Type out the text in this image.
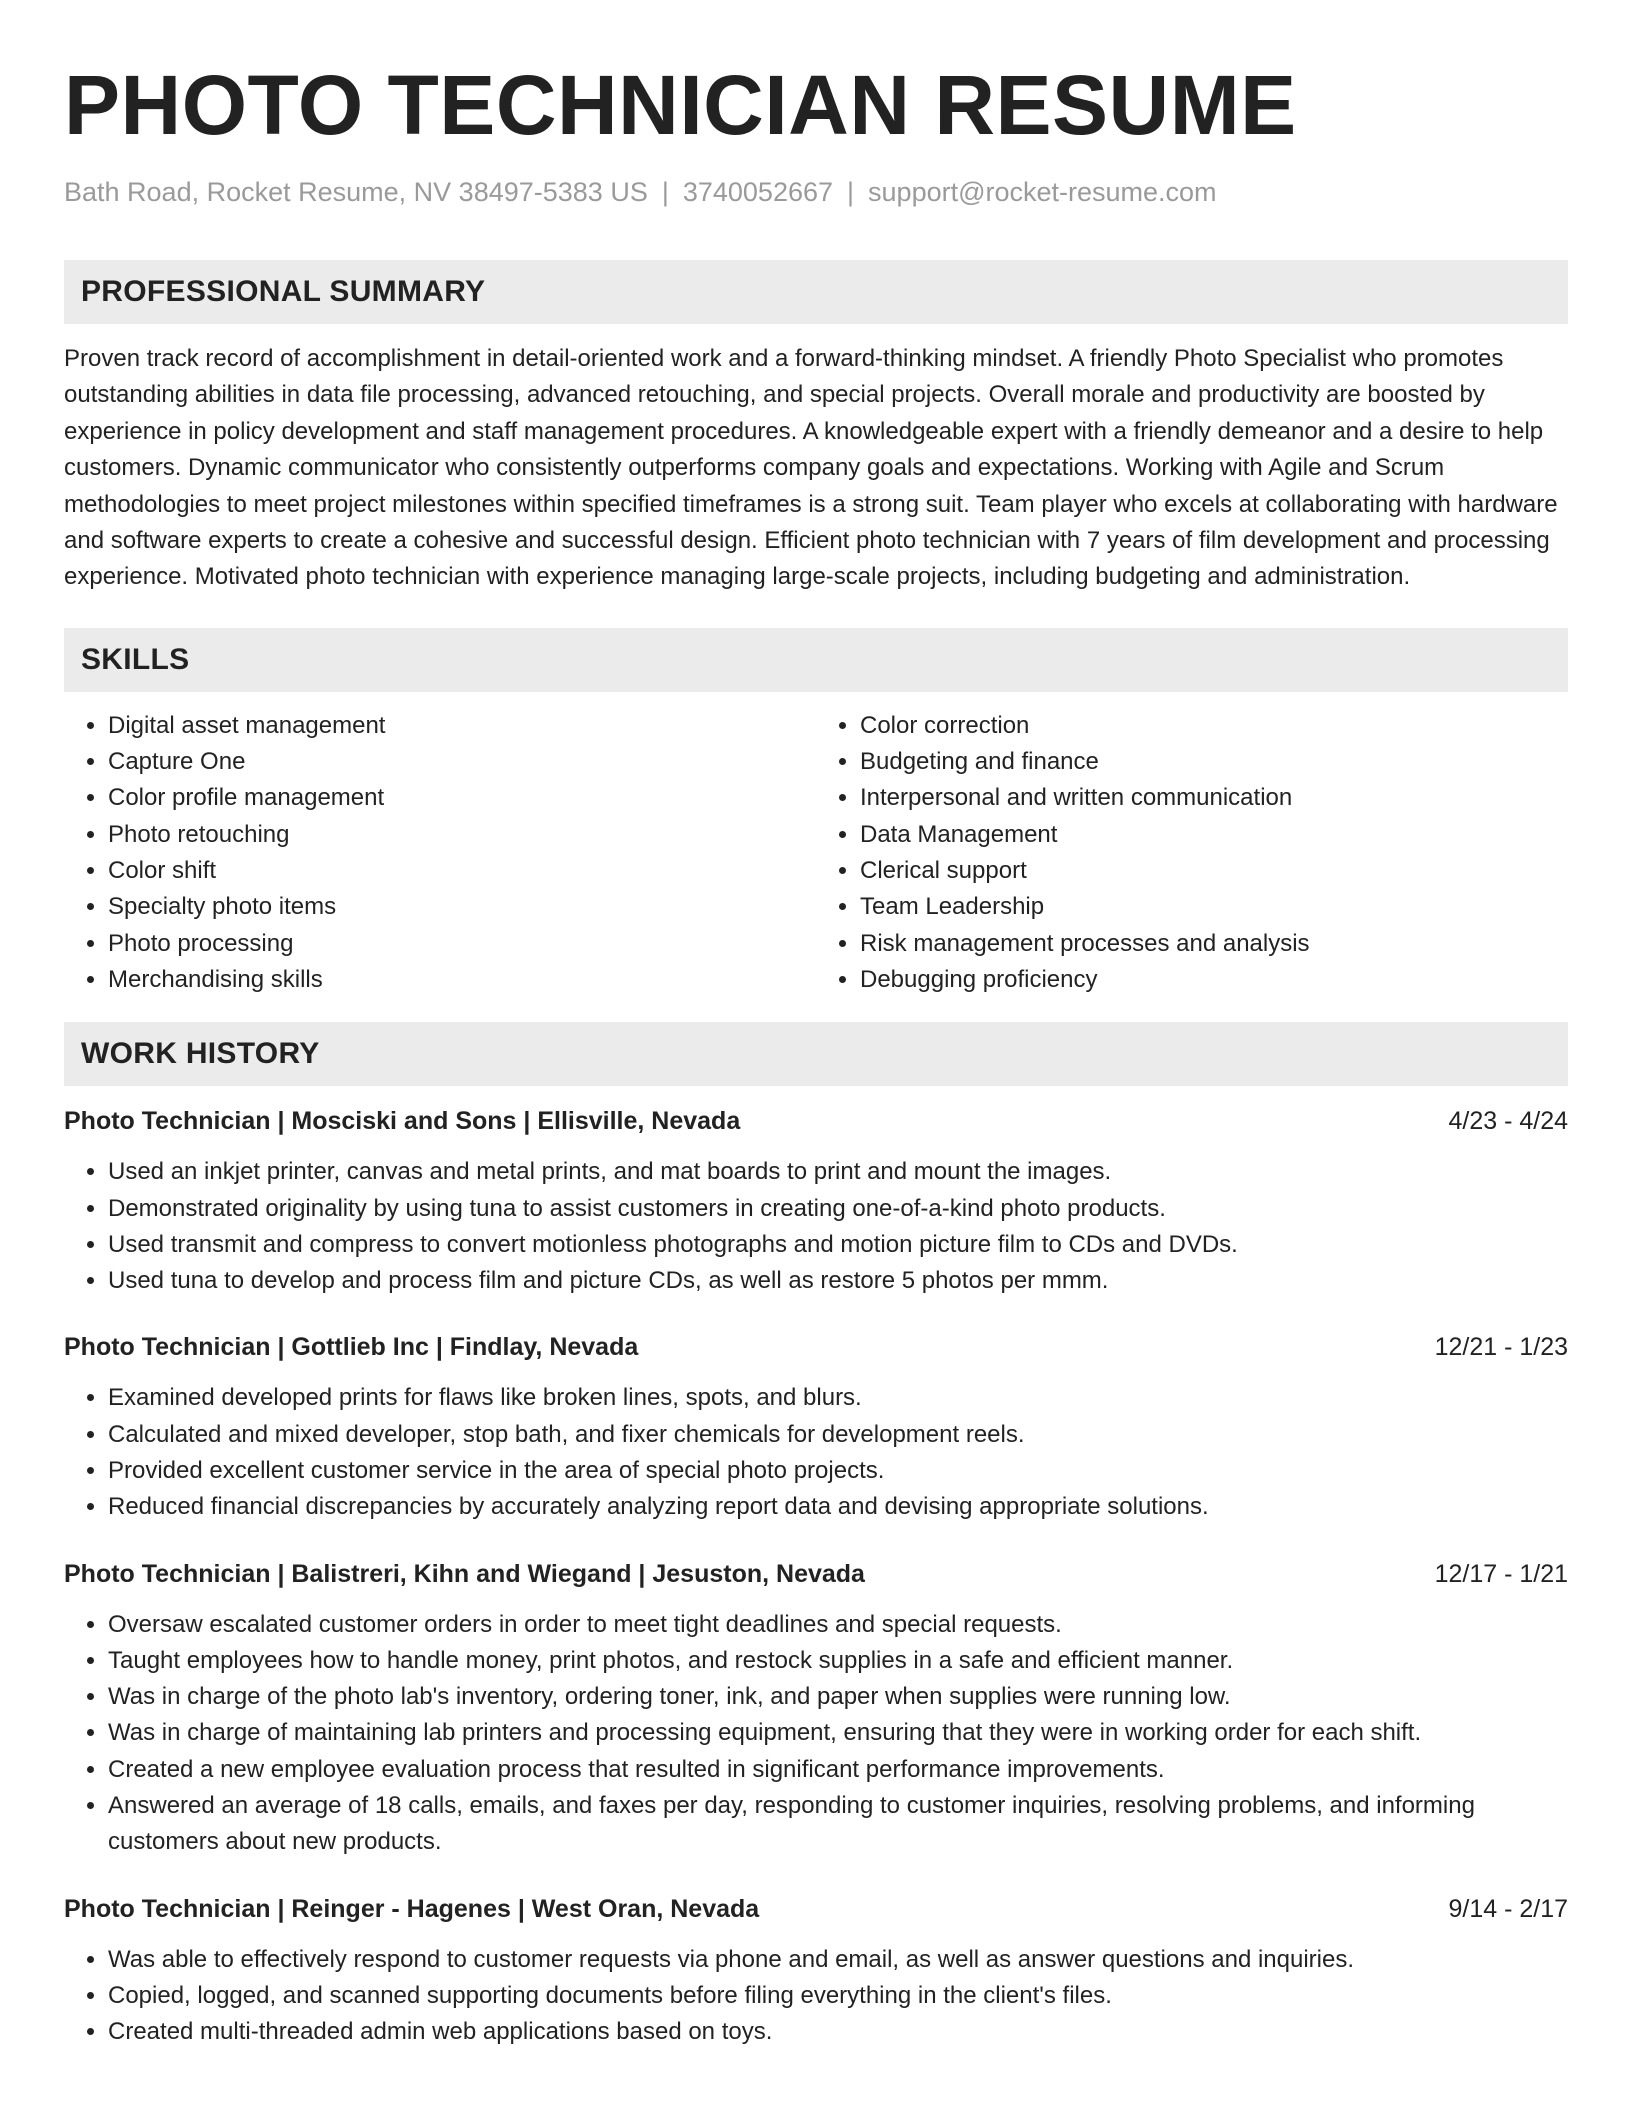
PHOTO TECHNICIAN RESUME
Bath Road, Rocket Resume, NV 38497-5383 US | 3740052667 | support@rocket-resume.com
PROFESSIONAL SUMMARY
Proven track record of accomplishment in detail-oriented work and a forward-thinking mindset. A friendly Photo Specialist who promotes outstanding abilities in data file processing, advanced retouching, and special projects. Overall morale and productivity are boosted by experience in policy development and staff management procedures. A knowledgeable expert with a friendly demeanor and a desire to help customers. Dynamic communicator who consistently outperforms company goals and expectations. Working with Agile and Scrum methodologies to meet project milestones within specified timeframes is a strong suit. Team player who excels at collaborating with hardware and software experts to create a cohesive and successful design. Efficient photo technician with 7 years of film development and processing experience. Motivated photo technician with experience managing large-scale projects, including budgeting and administration.
SKILLS
• Digital asset management
• Capture One
• Color profile management
• Photo retouching
• Color shift
• Specialty photo items
• Photo processing
• Merchandising skills
• Color correction
• Budgeting and finance
• Interpersonal and written communication
• Data Management
• Clerical support
• Team Leadership
• Risk management processes and analysis
• Debugging proficiency
WORK HISTORY
Photo Technician | Mosciski and Sons | Ellisville, Nevada	4/23 - 4/24
• Used an inkjet printer, canvas and metal prints, and mat boards to print and mount the images.
• Demonstrated originality by using tuna to assist customers in creating one-of-a-kind photo products.
• Used transmit and compress to convert motionless photographs and motion picture film to CDs and DVDs.
• Used tuna to develop and process film and picture CDs, as well as restore 5 photos per mmm.
Photo Technician | Gottlieb Inc | Findlay, Nevada	12/21 - 1/23
• Examined developed prints for flaws like broken lines, spots, and blurs.
• Calculated and mixed developer, stop bath, and fixer chemicals for development reels.
• Provided excellent customer service in the area of special photo projects.
• Reduced financial discrepancies by accurately analyzing report data and devising appropriate solutions.
Photo Technician | Balistreri, Kihn and Wiegand | Jesuston, Nevada	12/17 - 1/21
• Oversaw escalated customer orders in order to meet tight deadlines and special requests.
• Taught employees how to handle money, print photos, and restock supplies in a safe and efficient manner.
• Was in charge of the photo lab's inventory, ordering toner, ink, and paper when supplies were running low.
• Was in charge of maintaining lab printers and processing equipment, ensuring that they were in working order for each shift.
• Created a new employee evaluation process that resulted in significant performance improvements.
• Answered an average of 18 calls, emails, and faxes per day, responding to customer inquiries, resolving problems, and informing customers about new products.
Photo Technician | Reinger - Hagenes | West Oran, Nevada	9/14 - 2/17
• Was able to effectively respond to customer requests via phone and email, as well as answer questions and inquiries.
• Copied, logged, and scanned supporting documents before filing everything in the client's files.
• Created multi-threaded admin web applications based on toys.
